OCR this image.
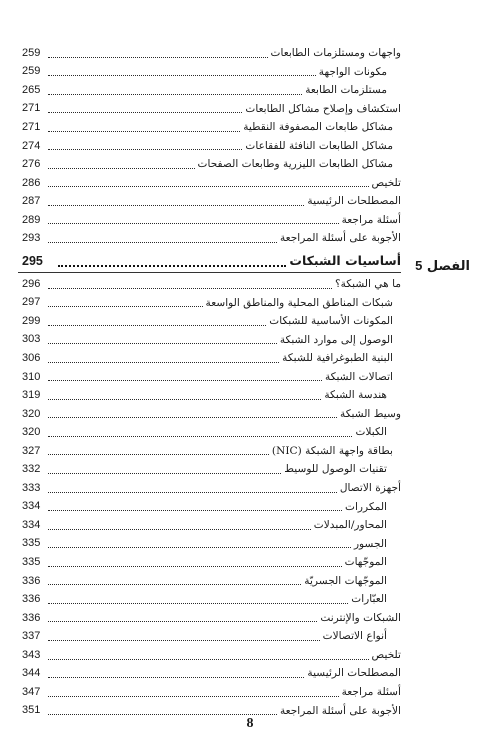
259	واجهات ومستلزمات الطابعات
259	مكونات الواجهة
265	مستلزمات الطابعة
271	استكشاف وإصلاح مشاكل الطابعات
271	مشاكل طابعات المصفوفة النقطية
274	مشاكل الطابعات النافثة للفقاعات
276	مشاكل الطابعات الليزرية وطابعات الصفحات
286	تلخيص
287	المصطلحات الرئيسية
289	أسئلة مراجعة
293	الأجوبة على أسئلة المراجعة
295	أساسيات الشبكات
296	ما هي الشبكة؟
297	شبكات المناطق المحلية والمناطق الواسعة
299	المكونات الأساسية للشبكات
303	الوصول إلى موارد الشبكة
306	البنية الطبوغرافية للشبكة
310	اتصالات الشبكة
319	هندسة الشبكة
320	وسيط الشبكة
320	الكبلات
327	بطاقة واجهة الشبكة (NIC)
332	تقنيات الوصول للوسيط
333	أجهزة الاتصال
334	المكررات
334	المحاور/المبدلات
335	الجسور
335	الموجّهات
336	الموجّهات الجسريّة
336	العبّارات
336	الشبكات والإنترنت
337	أنواع الاتصالات
343	تلخيص
344	المصطلحات الرئيسية
347	أسئلة مراجعة
351	الأجوبة على أسئلة المراجعة
الفصل 5
8
